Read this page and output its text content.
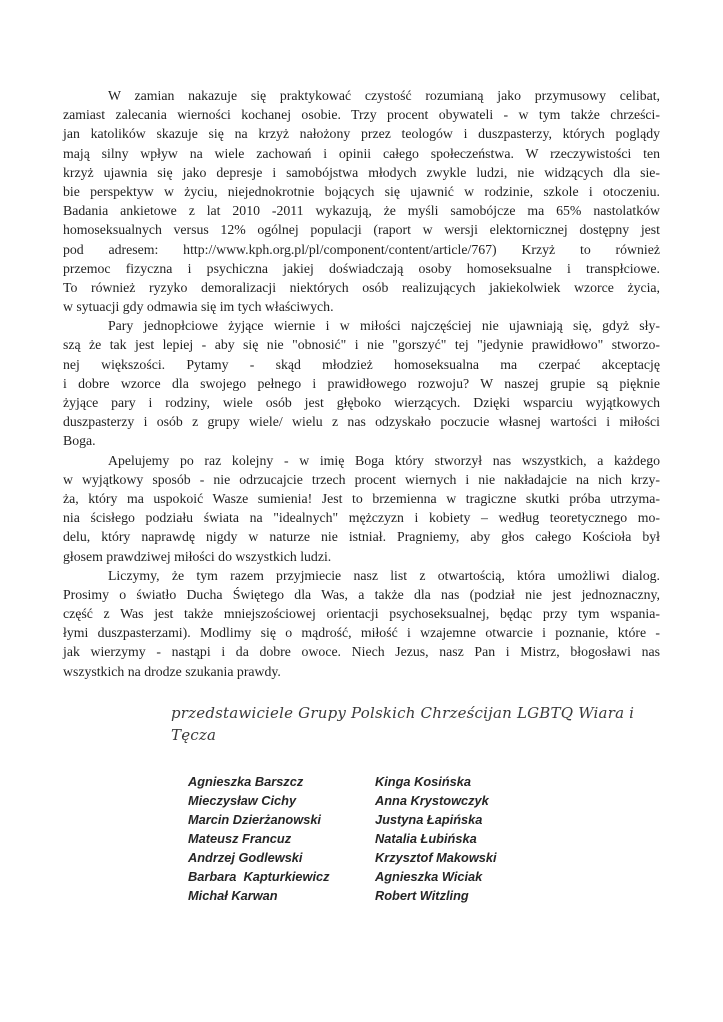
W zamian nakazuje się praktykować czystość rozumianą jako przymusowy celibat,
zamiast zalecania wierności kochanej osobie. Trzy procent obywateli - w tym także chrześci-
jan katolików skazuje się na krzyż nałożony przez teologów i duszpasterzy, których poglądy
mają silny wpływ na wiele zachowań i opinii całego społeczeństwa. W rzeczywistości ten
krzyż ujawnia się jako depresje i samobójstwa młodych zwykle ludzi, nie widzących dla sie-
bie perspektyw w życiu, niejednokrotnie bojących się ujawnić w rodzinie, szkole i otoczeniu.
Badania ankietowe z lat 2010 -2011 wykazują, że myśli samobójcze ma 65% nastolatków
homoseksualnych versus 12% ogólnej populacji (raport w wersji elektornicznej dostępny jest
pod adresem: http://www.kph.org.pl/pl/component/content/article/767) Krzyż to również
przemoc fizyczna i psychiczna jakiej doświadczają osoby homoseksualne i transpłciowe.
To również ryzyko demoralizacji niektórych osób realizujących jakiekolwiek wzorce życia,
w sytuacji gdy odmawia się im tych właściwych.
Pary jednopłciowe żyjące wiernie i w miłości najczęściej nie ujawniają się, gdyż sły-
szą że tak jest lepiej - aby się nie "obnosić" i nie "gorszyć" tej "jedynie prawidłowo" stworzo-
nej większości. Pytamy - skąd młodzież homoseksualna ma czerpać akceptację
i dobre wzorce dla swojego pełnego i prawidłowego rozwoju? W naszej grupie są pięknie
żyjące pary i rodziny, wiele osób jest głęboko wierzących. Dzięki wsparciu wyjątkowych
duszpasterzy i osób z grupy wiele/ wielu z nas odzyskało poczucie własnej wartości i miłości
Boga.
Apelujemy po raz kolejny - w imię Boga który stworzył nas wszystkich, a każdego
w wyjątkowy sposób - nie odrzucajcie trzech procent wiernych i nie nakładajcie na nich krzy-
ża, który ma uspokoić Wasze sumienia! Jest to brzemienna w tragiczne skutki próba utrzyma-
nia ścisłego podziału świata na "idealnych" mężczyzn i kobiety – według teoretycznego mo-
delu, który naprawdę nigdy w naturze nie istniał. Pragniemy, aby głos całego Kościoła był
głosem prawdziwej miłości do wszystkich ludzi.
Liczymy, że tym razem przyjmiecie nasz list z otwartością, która umożliwi dialog.
Prosimy o światło Ducha Świętego dla Was, a także dla nas (podział nie jest jednoznaczny,
część z Was jest także mniejszościowej orientacji psychoseksualnej, będąc przy tym wspania-
łymi duszpasterzami). Modlimy się o mądrość, miłość i wzajemne otwarcie i poznanie, które -
jak wierzymy - nastąpi i da dobre owoce. Niech Jezus, nasz Pan i Mistrz, błogosławi nas
wszystkich na drodze szukania prawdy.
przedstawiciele Grupy Polskich Chrześcijan LGBTQ Wiara i Tęcza
Agnieszka Barszcz	Kinga Kosińska
Mieczysław Cichy	Anna Krystowczyk
Marcin Dzierżanowski	Justyna Łapińska
Mateusz Francuz	Natalia Łubińska
Andrzej Godlewski	Krzysztof Makowski
Barbara  Kapturkiewicz	Agnieszka Wiciak
Michał Karwan	Robert Witzling
